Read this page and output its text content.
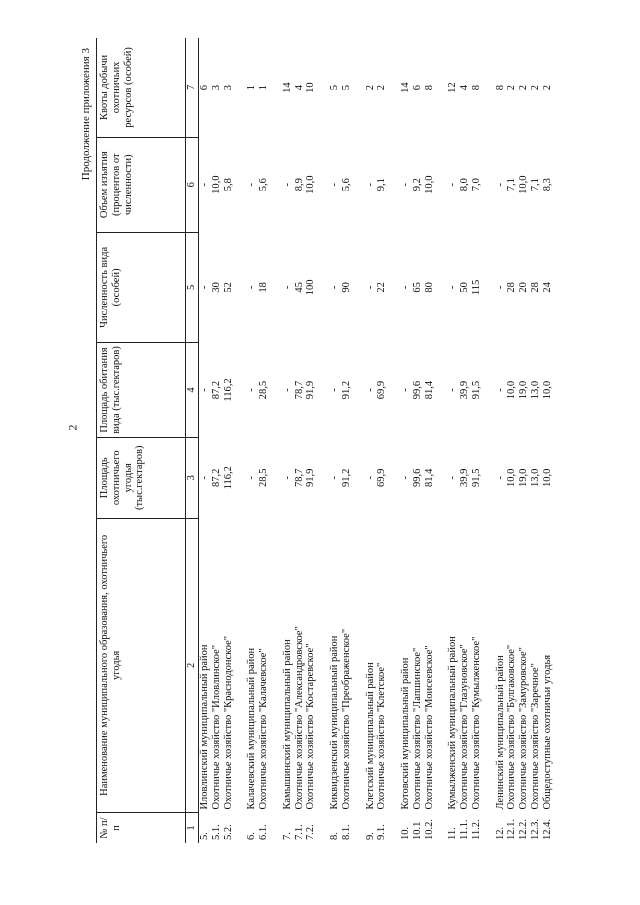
2
Продолжение приложения 3
№ п/п	Наименование муниципального образования, охотничьего угодья	Площадь охотничьего угодья (тыс.гектаров)	Площадь обитания вида (тыс.гектаров)	Численность вида (особей)	Объем изъятия (процентов от численности)	Квоты добычи охотничьих ресурсов (особей)
1	2	3	4	5	6	7
5.	Иловлинский муниципальный район	-	-	-	-	6
5.1.	Охотничье хозяйство "Иловлинское"	87,2	87,2	30	10,0	3
5.2.	Охотничье хозяйство "Краснодонское"	116,2	116,2	52	5,8	3

6.	Калачевский муниципальный район	-	-	-	-	1
6.1.	Охотничье хозяйство "Калачевское"	28,5	28,5	18	5,6	1

7.	Камышинский муниципальный район	-	-	-	-	14
7.1.	Охотничье хозяйство "Александровское"	78,7	78,7	45	8,9	4
7.2.	Охотничье хозяйство "Костаревское"	91,9	91,9	100	10,0	10

8.	Киквидзенский муниципальный район	-	-	-	-	5
8.1.	Охотничье хозяйство "Преображенское"	91,2	91,2	90	5,6	5

9.	Клетский муниципальный район	-	-	-	-	2
9.1.	Охотничье хозяйство "Клетское"	69,9	69,9	22	9,1	2

10.	Котовский муниципальный район	-	-	-	-	14
10.1	Охотничье хозяйство "Лапшинское"	99,6	99,6	65	9,2	6
10.2.	Охотничье хозяйство "Моисеевское"	81,4	81,4	80	10,0	8

11.	Кумылженский муниципальный район	-	-	-	-	12
11.1.	Охотничье хозяйство "Глазуновское"	39,9	39,9	50	8,0	4
11.2.	Охотничье хозяйство "Кумылженское"	91,5	91,5	115	7,0	8

12.	Ленинский муниципальный район	-	-	-	-	8
12.1.	Охотничье хозяйство "Булгаковское"	10,0	10,0	28	7,1	2
12.2.	Охотничье хозяйство "Замуровское"	19,0	19,0	20	10,0	2
12.3.	Охотничье хозяйство "Заречное"	13,0	13,0	28	7,1	2
12.4.	Общедоступные охотничьи угодья	10,0	10,0	24	8,3	2
